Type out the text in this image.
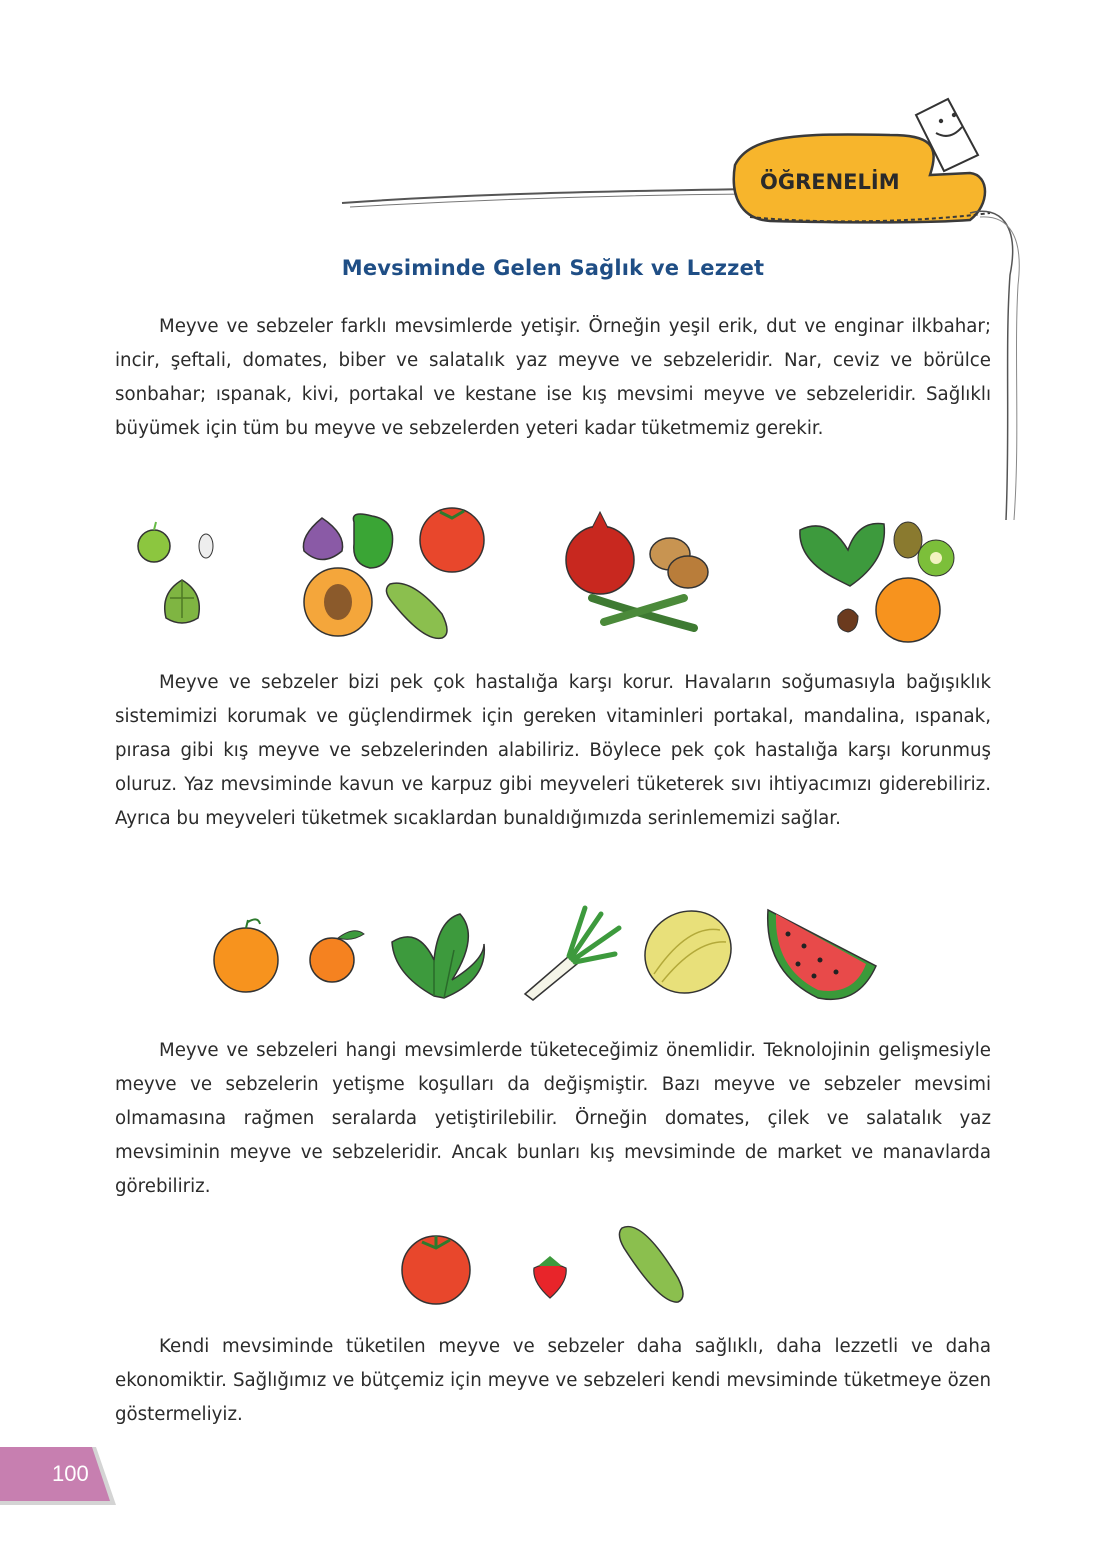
ÖĞRENELİM
Mevsiminde Gelen Sağlık ve Lezzet

Meyve ve sebzeler farklı mevsimlerde yetişir. Örneğin yeşil erik, dut ve enginar ilkbahar; incir, şeftali, domates, biber ve salatalık yaz meyve ve sebzeleridir. Nar, ceviz ve börülce sonbahar; ıspanak, kivi, portakal ve kestane ise kış mevsimi meyve ve sebzeleridir. Sağlıklı büyümek için tüm bu meyve ve sebzelerden yeteri kadar tüketmemiz gerekir.

Meyve ve sebzeler bizi pek çok hastalığa karşı korur. Havaların soğumasıyla bağışıklık sistemimizi korumak ve güçlendirmek için gereken vitaminleri portakal, mandalina, ıspanak, pırasa gibi kış meyve ve sebzelerinden alabiliriz. Böylece pek çok hastalığa karşı korunmuş oluruz. Yaz mevsiminde kavun ve karpuz gibi meyveleri tüketerek sıvı ihtiyacımızı giderebiliriz. Ayrıca bu meyveleri tüketmek sıcaklardan bunaldığımızda serinlememizi sağlar.

Meyve ve sebzeleri hangi mevsimlerde tüketeceğimiz önemlidir. Teknolojinin gelişmesiyle meyve ve sebzelerin yetişme koşulları da değişmiştir. Bazı meyve ve sebzeler mevsimi olmamasına rağmen seralarda yetiştirilebilir. Örneğin domates, çilek ve salatalık yaz mevsiminin meyve ve sebzeleridir. Ancak bunları kış mevsiminde de market ve manavlarda görebiliriz.

Kendi mevsiminde tüketilen meyve ve sebzeler daha sağlıklı, daha lezzetli ve daha ekonomiktir. Sağlığımız ve bütçemiz için meyve ve sebzeleri kendi mevsiminde tüketmeye özen göstermeliyiz.

100
